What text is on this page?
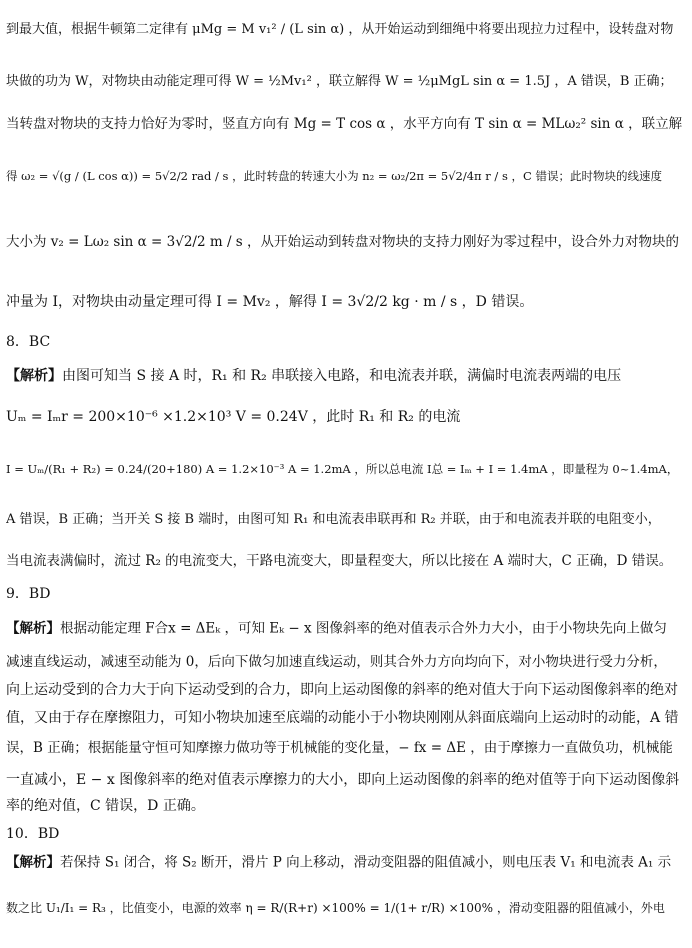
到最大值，根据牛顿第二定律有 μMg = M v₁² / (L sin α) ，从开始运动到细绳中将要出现拉力过程中，设转盘对物
块做的功为 W，对物块由动能定理可得 W = ½Mv₁² ，联立解得 W = ½μMgL sin α = 1.5J ，A 错误，B 正确；
当转盘对物块的支持力恰好为零时，竖直方向有 Mg = T cos α ，水平方向有 T sin α = MLω₂² sin α ，联立解
得 ω₂ = √(g / (L cos α)) = 5√2/2 rad / s ，此时转盘的转速大小为 n₂ = ω₂/2π = 5√2/4π r / s ，C 错误；此时物块的线速度
大小为 v₂ = Lω₂ sin α = 3√2/2 m / s ，从开始运动到转盘对物块的支持力刚好为零过程中，设合外力对物块的
冲量为 I，对物块由动量定理可得 I = Mv₂ ，解得 I = 3√2/2 kg · m / s ，D 错误。
8．BC
【解析】由图可知当 S 接 A 时，R₁ 和 R₂ 串联接入电路，和电流表并联，满偏时电流表两端的电压
Uₘ = Iₘr = 200×10⁻⁶ ×1.2×10³ V = 0.24V ，此时 R₁ 和 R₂ 的电流
I = Uₘ/(R₁ + R₂) = 0.24/(20+180) A = 1.2×10⁻³ A = 1.2mA ，所以总电流 I总 = Iₘ + I = 1.4mA ，即量程为 0~1.4mA，
A 错误，B 正确；当开关 S 接 B 端时，由图可知 R₁ 和电流表串联再和 R₂ 并联，由于和电流表并联的电阻变小，
当电流表满偏时，流过 R₂ 的电流变大，干路电流变大，即量程变大，所以比接在 A 端时大，C 正确，D 错误。
9．BD
【解析】根据动能定理 F合x = ΔEₖ ，可知 Eₖ − x 图像斜率的绝对值表示合外力大小，由于小物块先向上做匀
减速直线运动，减速至动能为 0，后向下做匀加速直线运动，则其合外力方向均向下，对小物块进行受力分析，
向上运动受到的合力大于向下运动受到的合力，即向上运动图像的斜率的绝对值大于向下运动图像斜率的绝对
值，又由于存在摩擦阻力，可知小物块加速至底端的动能小于小物块刚刚从斜面底端向上运动时的动能，A 错
误，B 正确；根据能量守恒可知摩擦力做功等于机械能的变化量，− fx = ΔE ，由于摩擦力一直做负功，机械能
一直减小，E − x 图像斜率的绝对值表示摩擦力的大小，即向上运动图像的斜率的绝对值等于向下运动图像斜
率的绝对值，C 错误，D 正确。
10．BD
【解析】若保持 S₁ 闭合，将 S₂ 断开，滑片 P 向上移动，滑动变阻器的阻值减小，则电压表 V₁ 和电流表 A₁ 示
数之比 U₁/I₁ = R₃ ，比值变小，电源的效率 η = R/(R+r) ×100% = 1/(1+ r/R) ×100% ，滑动变阻器的阻值减小，外电
